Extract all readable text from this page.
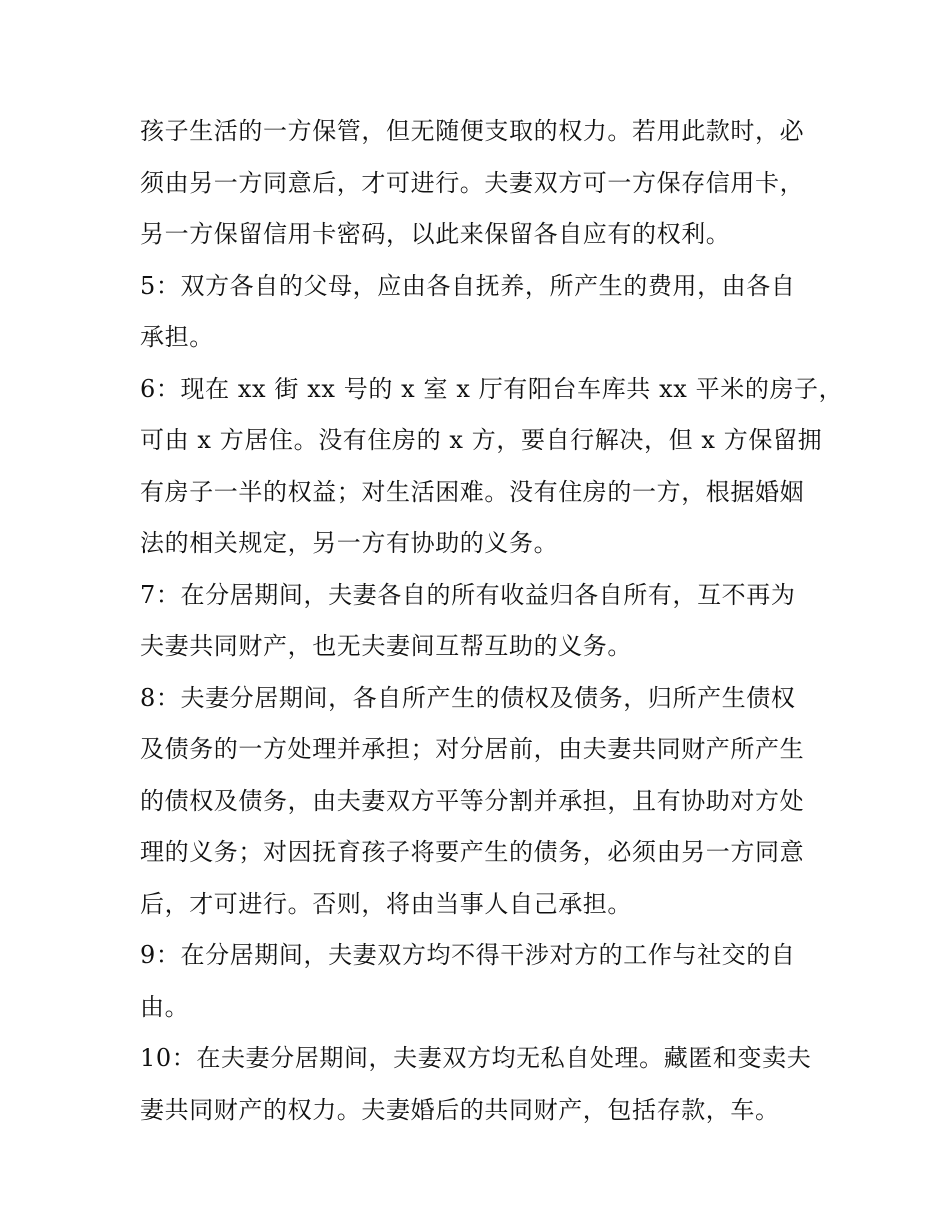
孩子生活的一方保管，但无随便支取的权力。若用此款时，必
须由另一方同意后，才可进行。夫妻双方可一方保存信用卡，
另一方保留信用卡密码，以此来保留各自应有的权利。
5：双方各自的父母，应由各自抚养，所产生的费用，由各自
承担。
6：现在 xx 街 xx 号的 x 室 x 厅有阳台车库共 xx 平米的房子，
可由 x 方居住。没有住房的 x 方，要自行解决，但 x 方保留拥
有房子一半的权益；对生活困难。没有住房的一方，根据婚姻
法的相关规定，另一方有协助的义务。
7：在分居期间，夫妻各自的所有收益归各自所有，互不再为
夫妻共同财产，也无夫妻间互帮互助的义务。
8：夫妻分居期间，各自所产生的债权及债务，归所产生债权
及债务的一方处理并承担；对分居前，由夫妻共同财产所产生
的债权及债务，由夫妻双方平等分割并承担，且有协助对方处
理的义务；对因抚育孩子将要产生的债务，必须由另一方同意
后，才可进行。否则，将由当事人自己承担。
9：在分居期间，夫妻双方均不得干涉对方的工作与社交的自
由。
10：在夫妻分居期间，夫妻双方均无私自处理。藏匿和变卖夫
妻共同财产的权力。夫妻婚后的共同财产，包括存款，车。
